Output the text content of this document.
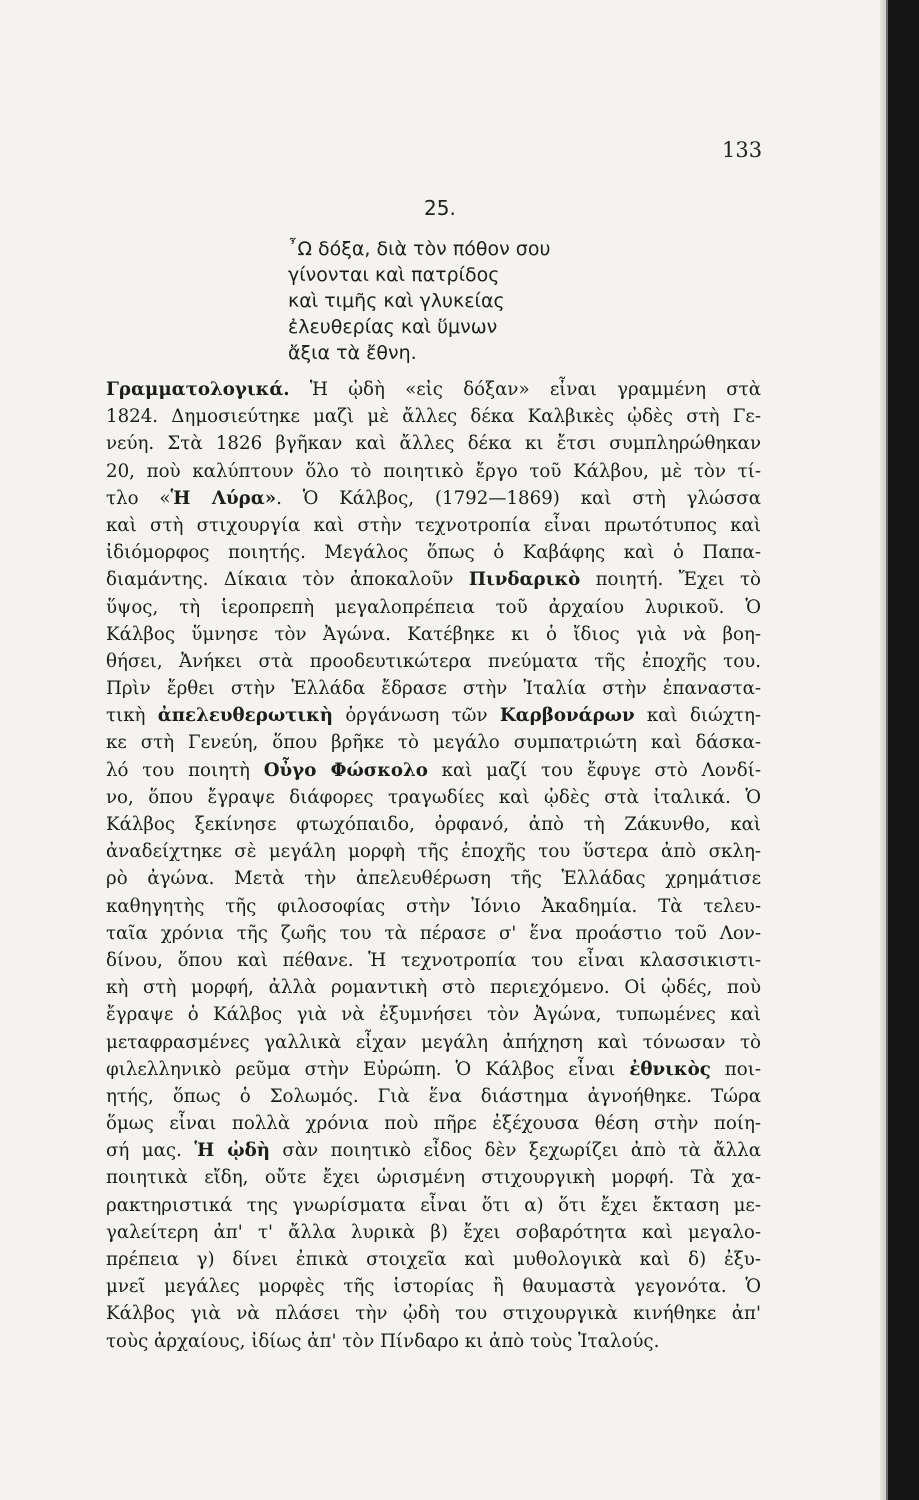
133
25.
῏Ω δόξα, διὰ τὸν πόθον σου
γίνονται καὶ πατρίδος
καὶ τιμῆς καὶ γλυκείας
ἐλευθερίας καὶ ὕμνων
ἄξια τὰ ἔθνη.
Γραμματολογικά. Ἡ ᾠδὴ «εἰς δόξαν» εἶναι γραμμένη στὰ
1824. Δημοσιεύτηκε μαζὶ μὲ ἄλλες δέκα Καλβικὲς ᾠδὲς στὴ Γε-
νεύη. Στὰ 1826 βγῆκαν καὶ ἄλλες δέκα κι ἔτσι συμπληρώθηκαν
20, ποὺ καλύπτουν ὅλο τὸ ποιητικὸ ἔργο τοῦ Κάλβου, μὲ τὸν τί-
τλο «Ἡ Λύρα». Ὁ Κάλβος, (1792—1869) καὶ στὴ γλώσσα
καὶ στὴ στιχουργία καὶ στὴν τεχνοτροπία εἶναι πρωτότυπος καὶ
ἰδιόμορφος ποιητής. Μεγάλος ὅπως ὁ Καβάφης καὶ ὁ Παπα-
διαμάντης. Δίκαια τὸν ἀποκαλοῦν Πινδαρικὸ ποιητή. Ἔχει τὸ
ὕψος, τὴ ἱεροπρεπὴ μεγαλοπρέπεια τοῦ ἀρχαίου λυρικοῦ. Ὁ
Κάλβος ὕμνησε τὸν Ἀγώνα. Κατέβηκε κι ὁ ἴδιος γιὰ νὰ βοη-
θήσει, Ἀνήκει στὰ προοδευτικώτερα πνεύματα τῆς ἐποχῆς του.
Πρὶν ἔρθει στὴν Ἑλλάδα ἔδρασε στὴν Ἰταλία στὴν ἐπαναστα-
τικὴ ἀπελευθερωτικὴ ὀργάνωση τῶν Καρβονάρων καὶ διώχτη-
κε στὴ Γενεύη, ὅπου βρῆκε τὸ μεγάλο συμπατριώτη καὶ δάσκα-
λό του ποιητὴ Οὖγο Φώσκολο καὶ μαζί του ἔφυγε στὸ Λονδί-
νο, ὅπου ἔγραψε διάφορες τραγωδίες καὶ ᾠδὲς στὰ ἰταλικά. Ὁ
Κάλβος ξεκίνησε φτωχόπαιδο, ὀρφανό, ἀπὸ τὴ Ζάκυνθο, καὶ
ἀναδείχτηκε σὲ μεγάλη μορφὴ τῆς ἐποχῆς του ὕστερα ἀπὸ σκλη-
ρὸ ἀγώνα. Μετὰ τὴν ἀπελευθέρωση τῆς Ἑλλάδας χρημάτισε
καθηγητὴς τῆς φιλοσοφίας στὴν Ἰόνιο Ἀκαδημία. Τὰ τελευ-
ταῖα χρόνια τῆς ζωῆς του τὰ πέρασε σ' ἕνα προάστιο τοῦ Λον-
δίνου, ὅπου καὶ πέθανε. Ἡ τεχνοτροπία του εἶναι κλασσικιστι-
κὴ στὴ μορφή, ἀλλὰ ρομαντικὴ στὸ περιεχόμενο. Οἱ ᾠδές, ποὺ
ἔγραψε ὁ Κάλβος γιὰ νὰ ἐξυμνήσει τὸν Ἀγώνα, τυπωμένες καὶ
μεταφρασμένες γαλλικὰ εἶχαν μεγάλη ἀπήχηση καὶ τόνωσαν τὸ
φιλελληνικὸ ρεῦμα στὴν Εὐρώπη. Ὁ Κάλβος εἶναι ἐθνικὸς ποι-
ητής, ὅπως ὁ Σολωμός. Γιὰ ἕνα διάστημα ἀγνοήθηκε. Τώρα
ὅμως εἶναι πολλὰ χρόνια ποὺ πῆρε ἐξέχουσα θέση στὴν ποίη-
σή μας. Ἡ ᾠδὴ σὰν ποιητικὸ εἶδος δὲν ξεχωρίζει ἀπὸ τὰ ἄλλα
ποιητικὰ εἴδη, οὔτε ἔχει ὡρισμένη στιχουργικὴ μορφή. Τὰ χα-
ρακτηριστικά της γνωρίσματα εἶναι ὅτι α) ὅτι ἔχει ἔκταση με-
γαλείτερη ἀπ' τ' ἄλλα λυρικὰ β) ἔχει σοβαρότητα καὶ μεγαλο-
πρέπεια γ) δίνει ἐπικὰ στοιχεῖα καὶ μυθολογικὰ καὶ δ) ἐξυ-
μνεῖ μεγάλες μορφὲς τῆς ἱστορίας ἢ θαυμαστὰ γεγονότα. Ὁ
Κάλβος γιὰ νὰ πλάσει τὴν ᾠδὴ του στιχουργικὰ κινήθηκε ἀπ'
τοὺς ἀρχαίους, ἰδίως ἀπ' τὸν Πίνδαρο κι ἀπὸ τοὺς Ἰταλούς.
